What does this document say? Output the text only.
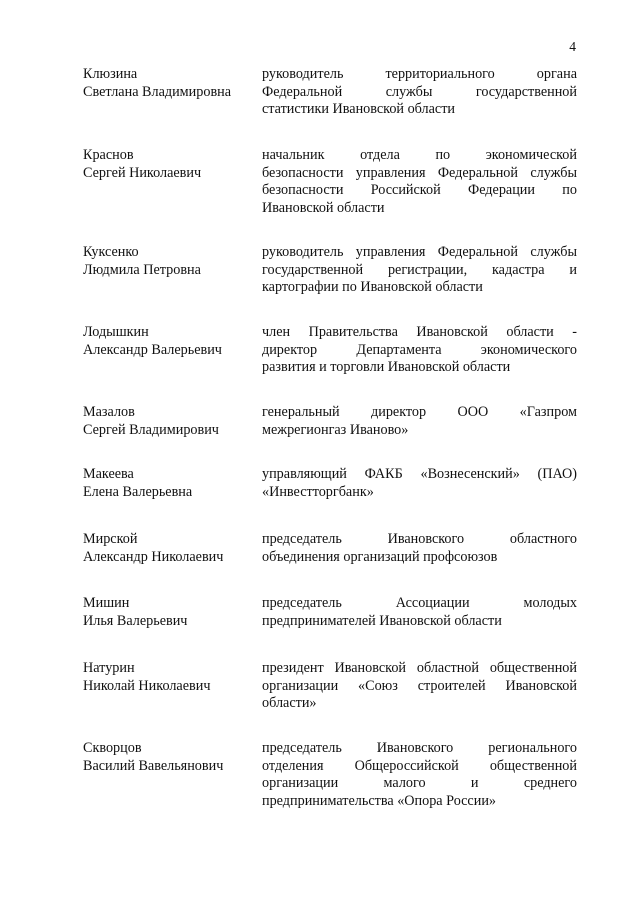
4
Клюзина
Светлана Владимировна
руководитель территориального органа
Федеральной службы государственной
статистики Ивановской области
Краснов
Сергей Николаевич
начальник отдела по экономической
безопасности управления Федеральной службы
безопасности Российской Федерации по
Ивановской области
Куксенко
Людмила Петровна
руководитель управления Федеральной службы
государственной регистрации, кадастра и
картографии по Ивановской области
Лодышкин
Александр Валерьевич
член Правительства Ивановской области -
директор Департамента экономического
развития и торговли Ивановской области
Мазалов
Сергей Владимирович
генеральный директор ООО «Газпром
межрегионгаз Иваново»
Макеева
Елена Валерьевна
управляющий ФАКБ «Вознесенский» (ПАО)
«Инвестторгбанк»
Мирской
Александр Николаевич
председатель Ивановского областного
объединения организаций профсоюзов
Мишин
Илья Валерьевич
председатель Ассоциации молодых
предпринимателей Ивановской области
Натурин
Николай Николаевич
президент Ивановской областной общественной
организации «Союз строителей Ивановской
области»
Скворцов
Василий Вавельянович
председатель Ивановского регионального
отделения Общероссийской общественной
организации малого и среднего
предпринимательства «Опора России»
